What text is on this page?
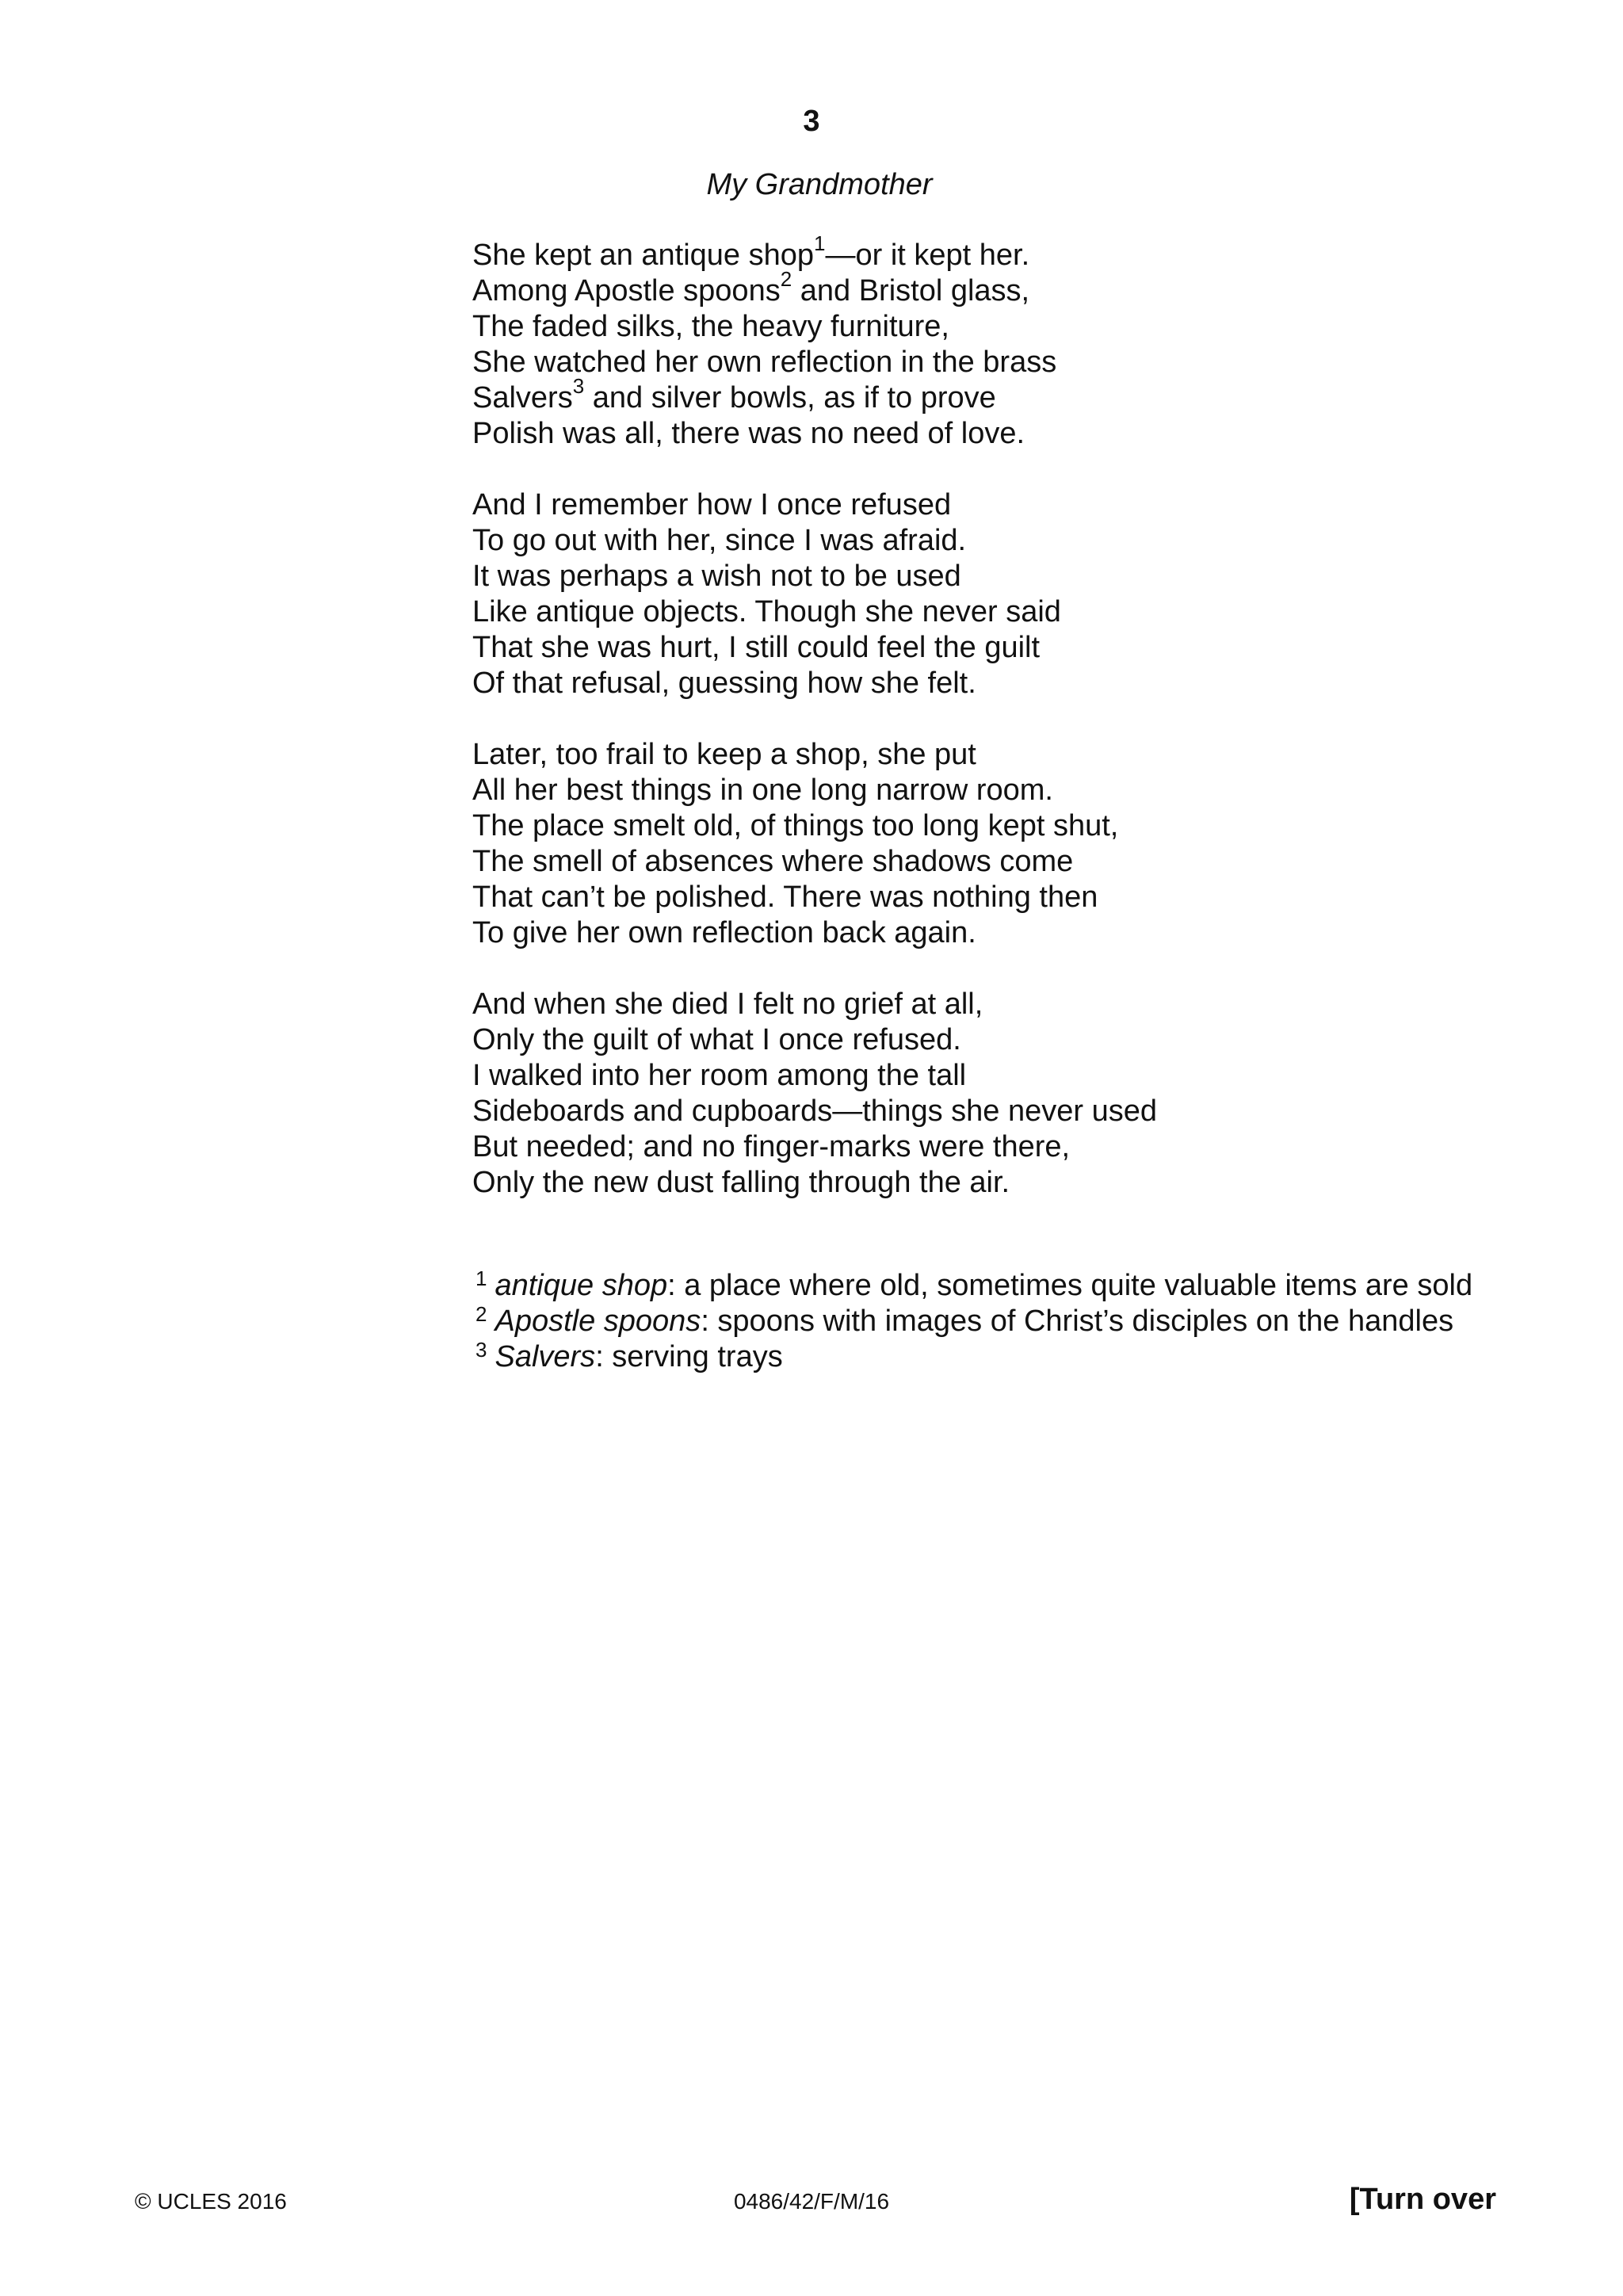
3
My Grandmother
She kept an antique shop$^1$—or it kept her.
Among Apostle spoons$^2$ and Bristol glass,
The faded silks, the heavy furniture,
She watched her own reflection in the brass
Salvers$^3$ and silver bowls, as if to prove
Polish was all, there was no need of love.
And I remember how I once refused
To go out with her, since I was afraid.
It was perhaps a wish not to be used
Like antique objects. Though she never said
That she was hurt, I still could feel the guilt
Of that refusal, guessing how she felt.
Later, too frail to keep a shop, she put
All her best things in one long narrow room.
The place smelt old, of things too long kept shut,
The smell of absences where shadows come
That can’t be polished. There was nothing then
To give her own reflection back again.
And when she died I felt no grief at all,
Only the guilt of what I once refused.
I walked into her room among the tall
Sideboards and cupboards—things she never used
But needed; and no finger-marks were there,
Only the new dust falling through the air.
$^1$ antique shop: a place where old, sometimes quite valuable items are sold
$^2$ Apostle spoons: spoons with images of Christ’s disciples on the handles
$^3$ Salvers: serving trays
© UCLES 2016	0486/42/F/M/16	[Turn over
